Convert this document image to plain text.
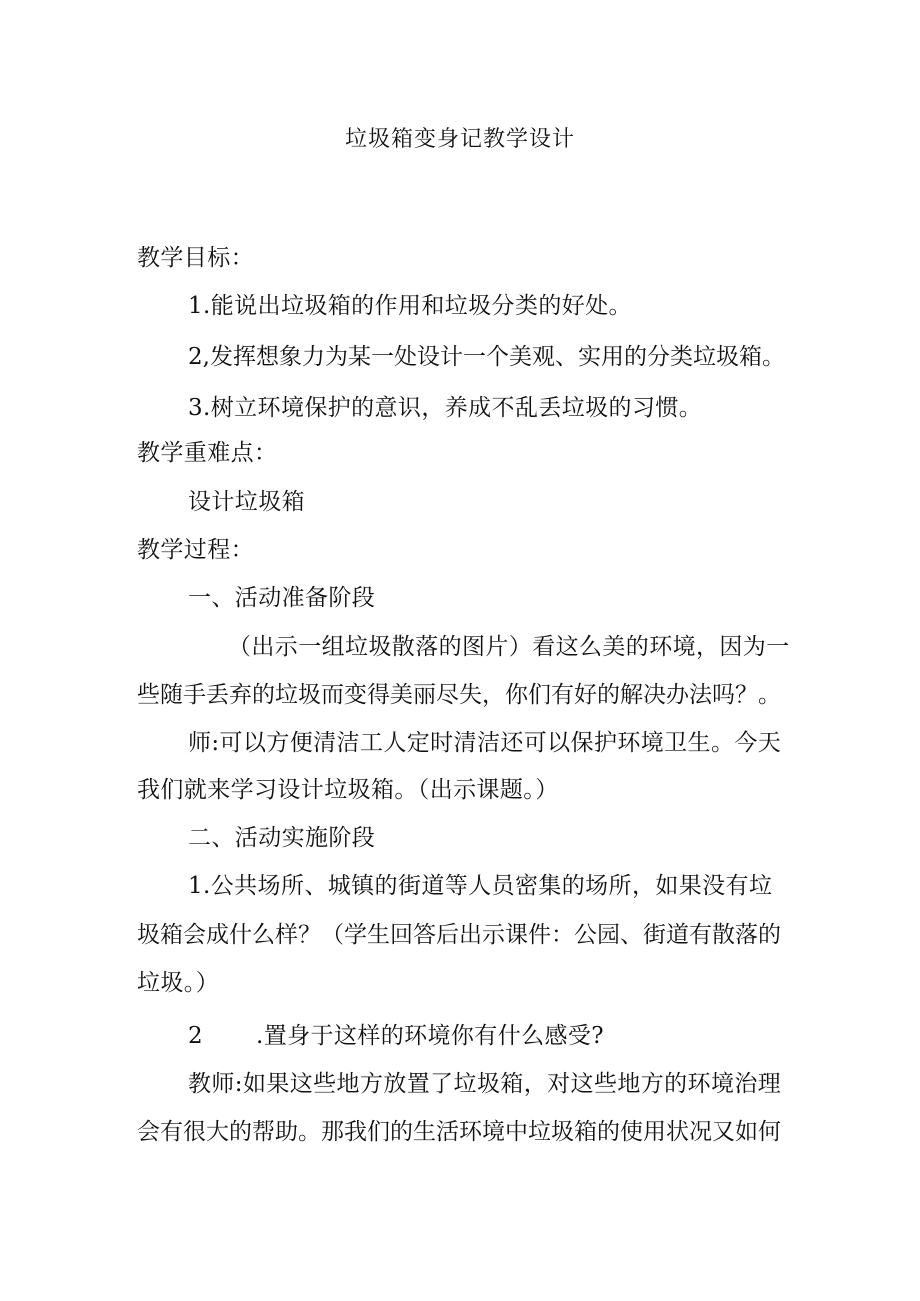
垃圾箱变身记教学设计
教学目标：
1.能说出垃圾箱的作用和垃圾分类的好处。
2,发挥想象力为某一处设计一个美观、实用的分类垃圾箱。
3.树立环境保护的意识，养成不乱丢垃圾的习惯。
教学重难点：
设计垃圾箱
教学过程：
一、活动准备阶段
（出示一组垃圾散落的图片）看这么美的环境，因为一
些随手丢弃的垃圾而变得美丽尽失，你们有好的解决办法吗？。
师:可以方便清洁工人定时清洁还可以保护环境卫生。今天
我们就来学习设计垃圾箱。（出示课题。）
二、活动实施阶段
1.公共场所、城镇的街道等人员密集的场所，如果没有垃
圾箱会成什么样？（学生回答后出示课件：公园、街道有散落的
垃圾。）
2 .置身于这样的环境你有什么感受?
教师:如果这些地方放置了垃圾箱，对这些地方的环境治理
会有很大的帮助。那我们的生活环境中垃圾箱的使用状况又如何
